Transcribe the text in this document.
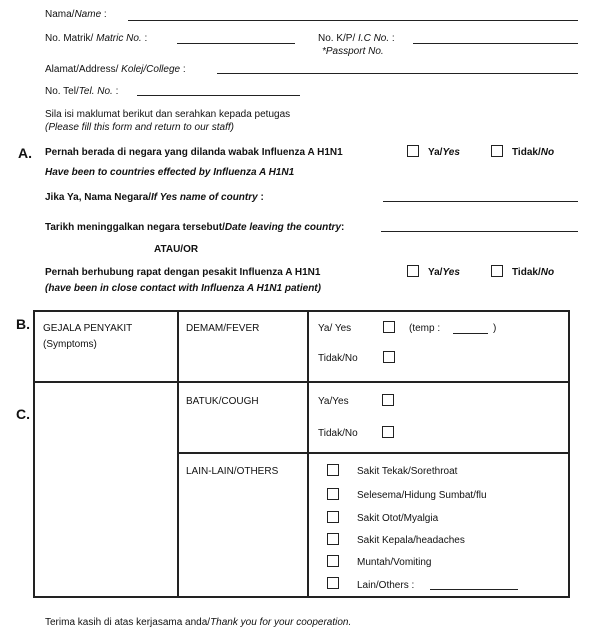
Nama/Name :
No. Matrik/ Matric No. :	No. K/P/ I.C No. :
*Passport No.
Alamat/Address/ Kolej/College :
No. Tel/Tel. No. :
Sila isi maklumat berikut dan serahkan kepada petugas
(Please fill this form and return to our staff)
A. Pernah berada di negara yang dilanda wabak Influenza A H1N1	Ya/Yes	Tidak/No
Have been to countries effected by Influenza A H1N1
Jika Ya, Nama Negara/If Yes name of country :
Tarikh meninggalkan negara tersebut/Date leaving the country:
ATAU/OR
Pernah berhubung rapat dengan pesakit Influenza A H1N1	Ya/Yes	Tidak/No
(have been in close contact with Influenza A H1N1 patient)
B.
C.
GEJALA PENYAKIT
(Symptoms)
DEMAM/FEVER	Ya/ Yes	(temp :	)
Tidak/No
BATUK/COUGH	Ya/Yes
Tidak/No
LAIN-LAIN/OTHERS	Sakit Tekak/Sorethroat
Selesema/Hidung Sumbat/flu
Sakit Otot/Myalgia
Sakit Kepala/headaches
Muntah/Vomiting
Lain/Others :
Terima kasih di atas kerjasama anda/Thank you for your cooperation.
